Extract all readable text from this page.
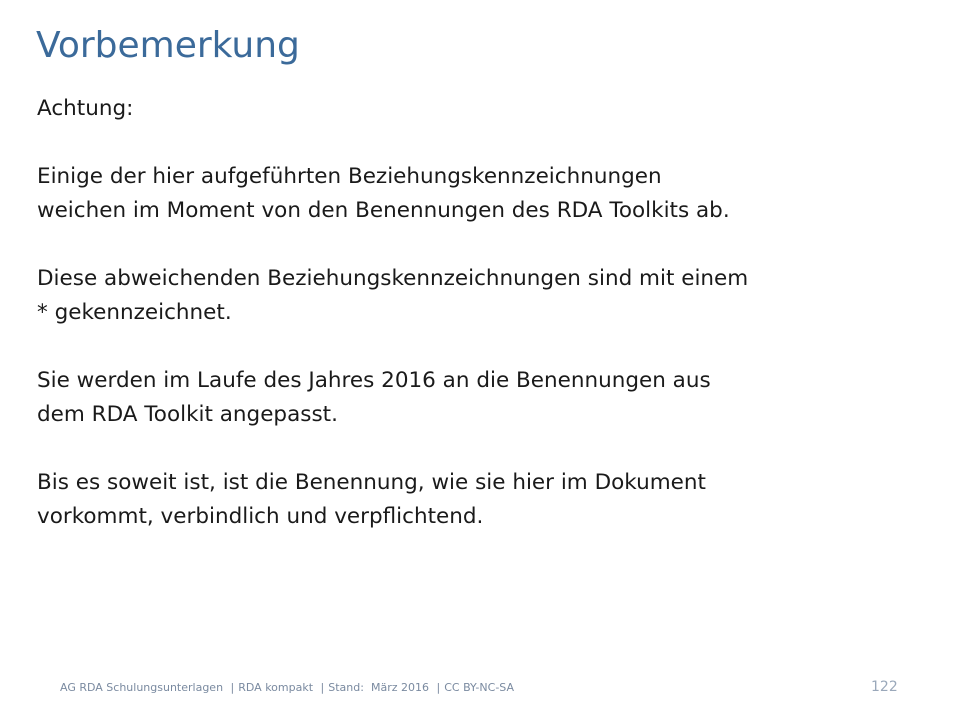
Vorbemerkung

Achtung:

Einige der hier aufgeführten Beziehungskennzeichnungen
weichen im Moment von den Benennungen des RDA Toolkits ab.

Diese abweichenden Beziehungskennzeichnungen sind mit einem
* gekennzeichnet.

Sie werden im Laufe des Jahres 2016 an die Benennungen aus
dem RDA Toolkit angepasst.

Bis es soweit ist, ist die Benennung, wie sie hier im Dokument
vorkommt, verbindlich und verpflichtend.

AG RDA Schulungsunterlagen | RDA kompakt | Stand: März 2016 | CC BY-NC-SA	122
